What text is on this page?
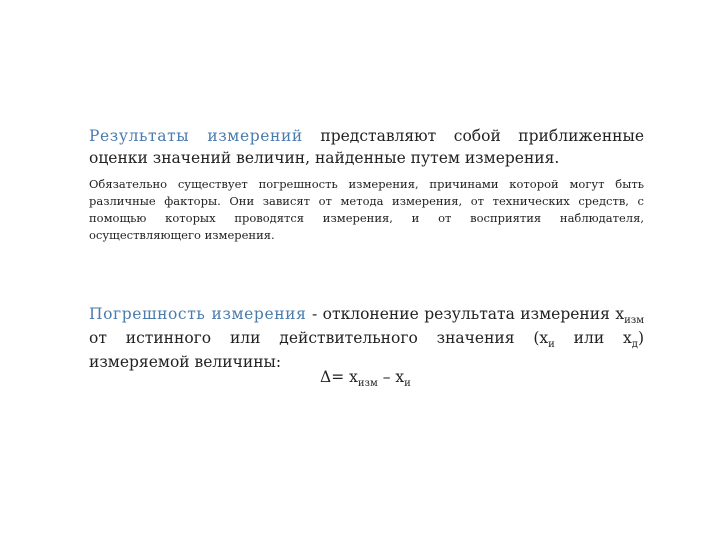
Результаты измерений представляют собой приближенные оценки значений величин, найденные путем измерения.

Обязательно существует погрешность измерения, причинами которой могут быть различные факторы. Они зависят от метода измерения, от технических средств, с помощью которых проводятся измерения, и от восприятия наблюдателя, осуществляющего измерения.

Погрешность измерения - отклонение результата измерения $x_{изм}$ от истинного или действительного значения ($x_и$ или $x_д$) измеряемой величины:

$\Delta= x_{изм} - x_и$
